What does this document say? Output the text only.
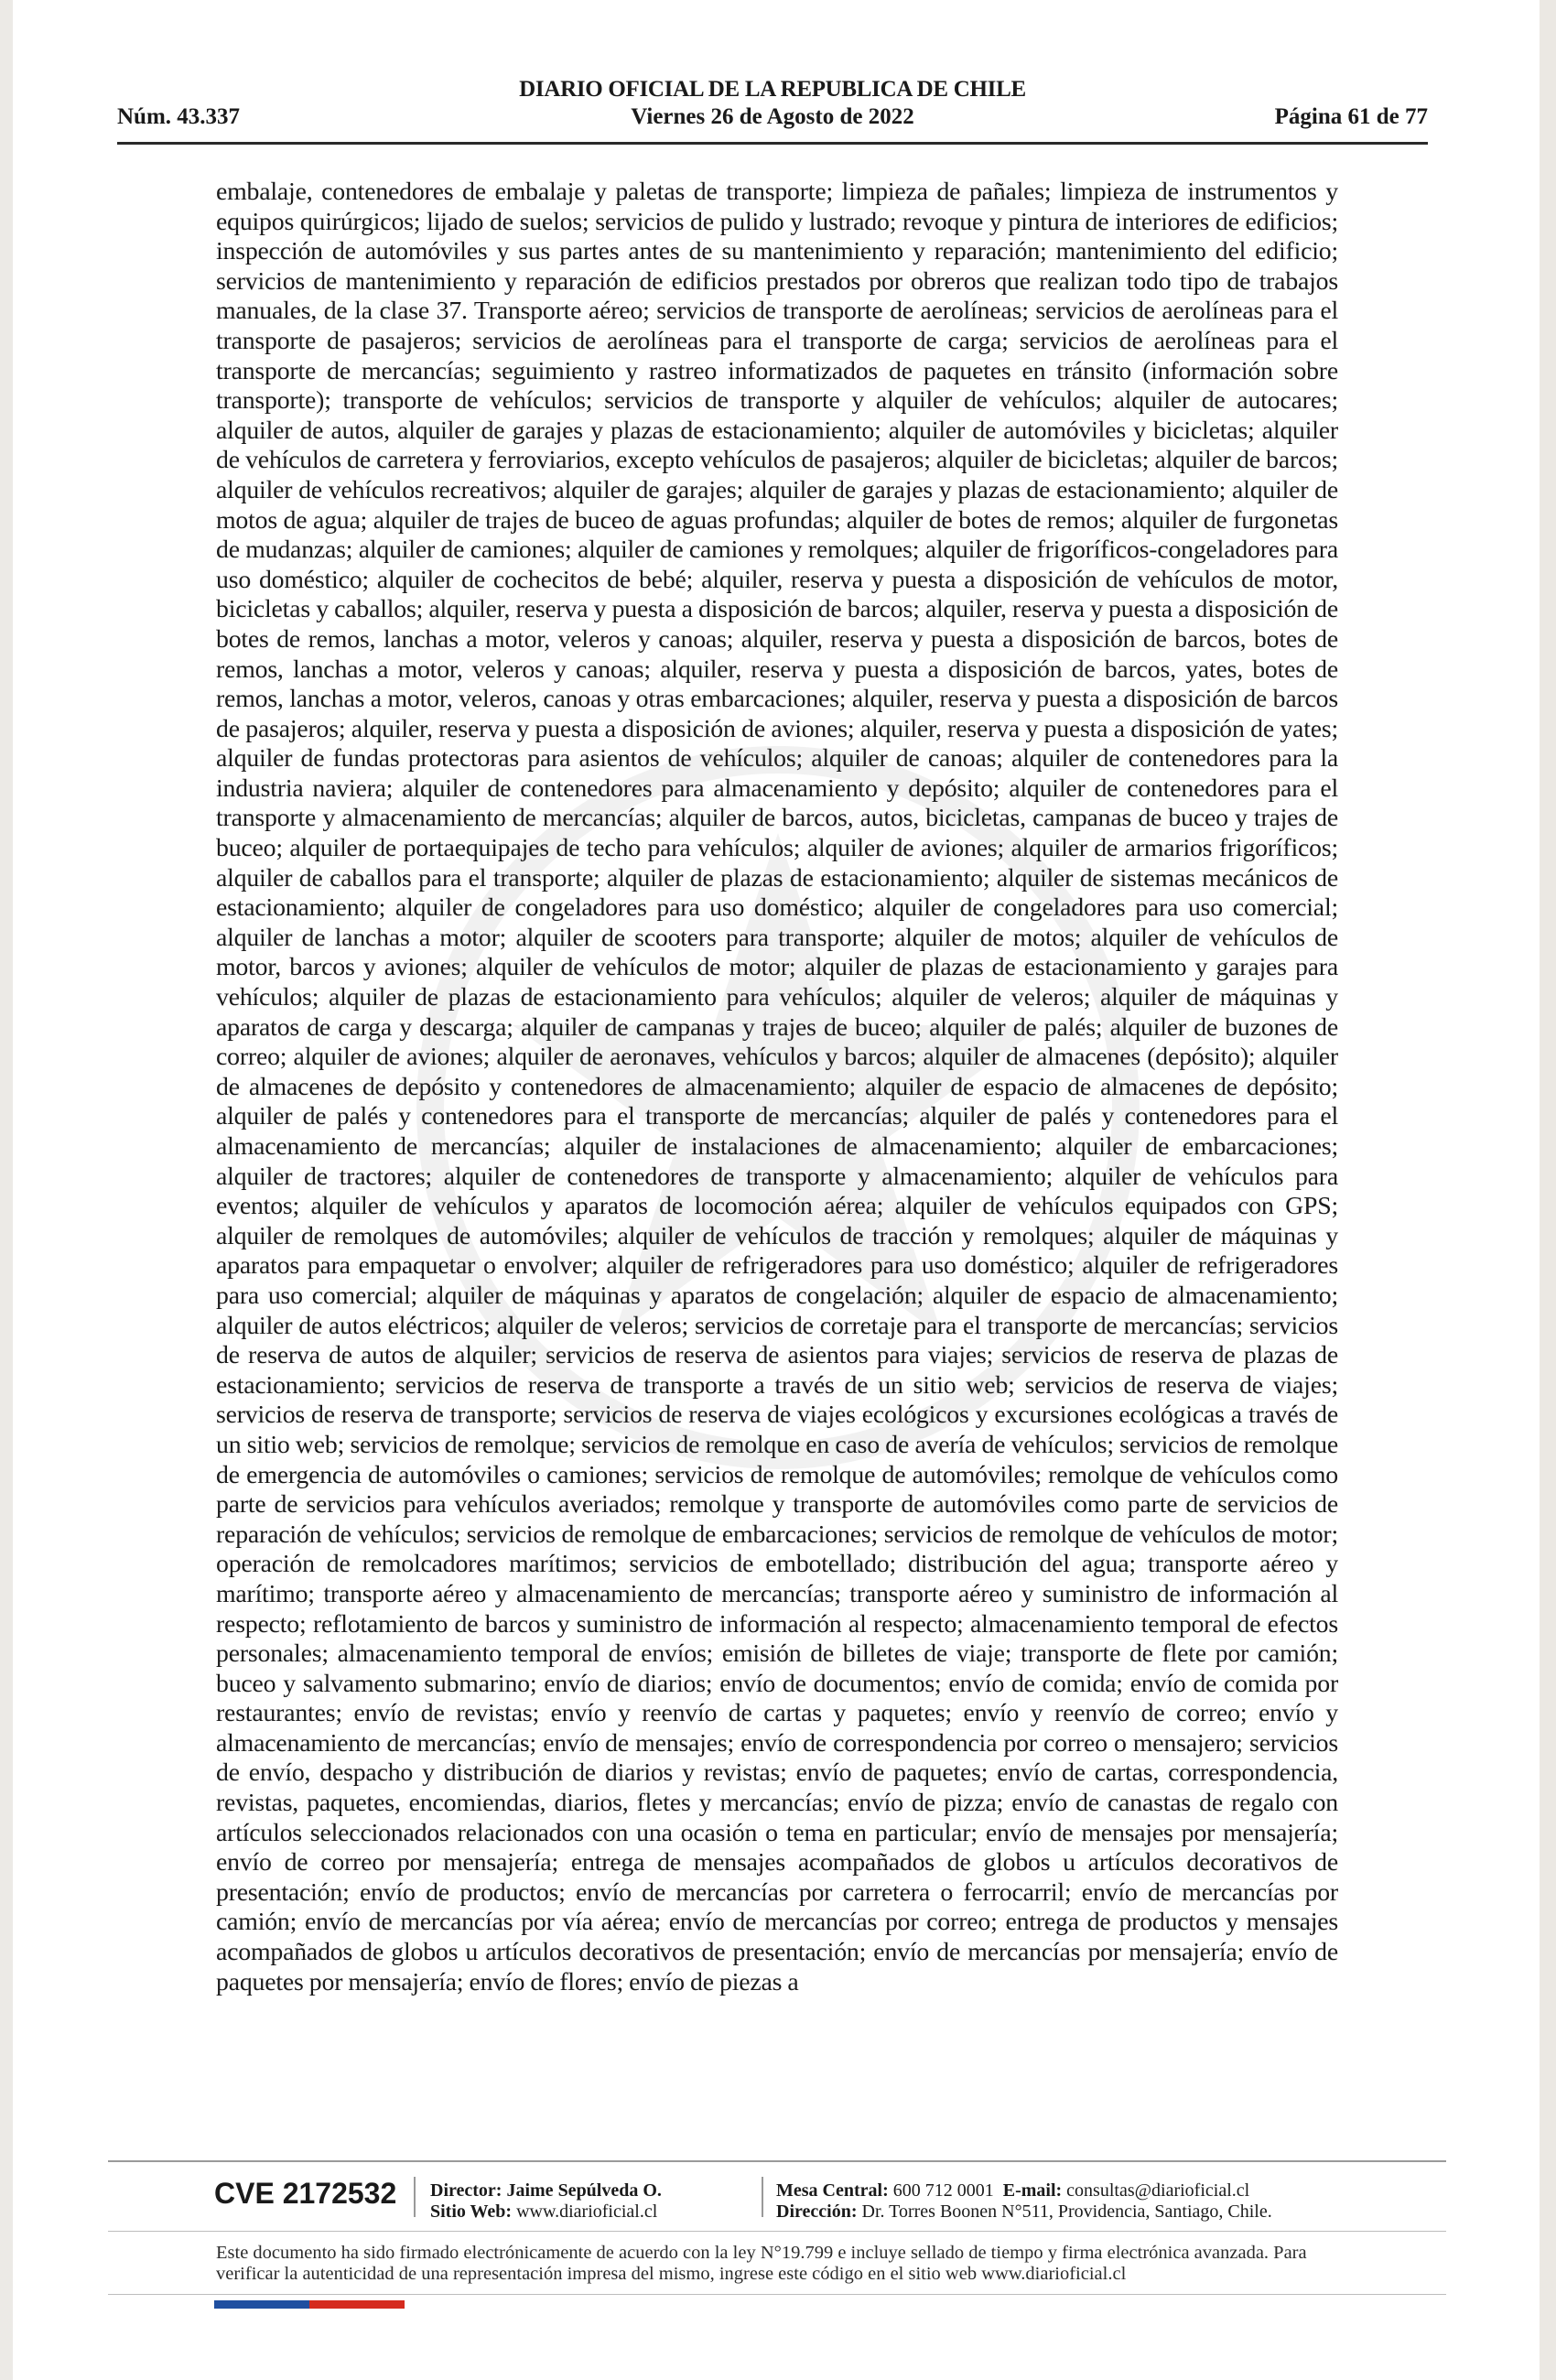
DIARIO OFICIAL DE LA REPUBLICA DE CHILE
Núm. 43.337	Viernes 26 de Agosto de 2022	Página 61 de 77
embalaje, contenedores de embalaje y paletas de transporte; limpieza de pañales; limpieza de instrumentos y equipos quirúrgicos; lijado de suelos; servicios de pulido y lustrado; revoque y pintura de interiores de edificios; inspección de automóviles y sus partes antes de su mantenimiento y reparación; mantenimiento del edificio; servicios de mantenimiento y reparación de edificios prestados por obreros que realizan todo tipo de trabajos manuales, de la clase 37. Transporte aéreo; servicios de transporte de aerolíneas; servicios de aerolíneas para el transporte de pasajeros; servicios de aerolíneas para el transporte de carga; servicios de aerolíneas para el transporte de mercancías; seguimiento y rastreo informatizados de paquetes en tránsito (información sobre transporte); transporte de vehículos; servicios de transporte y alquiler de vehículos; alquiler de autocares; alquiler de autos, alquiler de garajes y plazas de estacionamiento; alquiler de automóviles y bicicletas; alquiler de vehículos de carretera y ferroviarios, excepto vehículos de pasajeros; alquiler de bicicletas; alquiler de barcos; alquiler de vehículos recreativos; alquiler de garajes; alquiler de garajes y plazas de estacionamiento; alquiler de motos de agua; alquiler de trajes de buceo de aguas profundas; alquiler de botes de remos; alquiler de furgonetas de mudanzas; alquiler de camiones; alquiler de camiones y remolques; alquiler de frigoríficos-congeladores para uso doméstico; alquiler de cochecitos de bebé; alquiler, reserva y puesta a disposición de vehículos de motor, bicicletas y caballos; alquiler, reserva y puesta a disposición de barcos; alquiler, reserva y puesta a disposición de botes de remos, lanchas a motor, veleros y canoas; alquiler, reserva y puesta a disposición de barcos, botes de remos, lanchas a motor, veleros y canoas; alquiler, reserva y puesta a disposición de barcos, yates, botes de remos, lanchas a motor, veleros, canoas y otras embarcaciones; alquiler, reserva y puesta a disposición de barcos de pasajeros; alquiler, reserva y puesta a disposición de aviones; alquiler, reserva y puesta a disposición de yates; alquiler de fundas protectoras para asientos de vehículos; alquiler de canoas; alquiler de contenedores para la industria naviera; alquiler de contenedores para almacenamiento y depósito; alquiler de contenedores para el transporte y almacenamiento de mercancías; alquiler de barcos, autos, bicicletas, campanas de buceo y trajes de buceo; alquiler de portaequipajes de techo para vehículos; alquiler de aviones; alquiler de armarios frigoríficos; alquiler de caballos para el transporte; alquiler de plazas de estacionamiento; alquiler de sistemas mecánicos de estacionamiento; alquiler de congeladores para uso doméstico; alquiler de congeladores para uso comercial; alquiler de lanchas a motor; alquiler de scooters para transporte; alquiler de motos; alquiler de vehículos de motor, barcos y aviones; alquiler de vehículos de motor; alquiler de plazas de estacionamiento y garajes para vehículos; alquiler de plazas de estacionamiento para vehículos; alquiler de veleros; alquiler de máquinas y aparatos de carga y descarga; alquiler de campanas y trajes de buceo; alquiler de palés; alquiler de buzones de correo; alquiler de aviones; alquiler de aeronaves, vehículos y barcos; alquiler de almacenes (depósito); alquiler de almacenes de depósito y contenedores de almacenamiento; alquiler de espacio de almacenes de depósito; alquiler de palés y contenedores para el transporte de mercancías; alquiler de palés y contenedores para el almacenamiento de mercancías; alquiler de instalaciones de almacenamiento; alquiler de embarcaciones; alquiler de tractores; alquiler de contenedores de transporte y almacenamiento; alquiler de vehículos para eventos; alquiler de vehículos y aparatos de locomoción aérea; alquiler de vehículos equipados con GPS; alquiler de remolques de automóviles; alquiler de vehículos de tracción y remolques; alquiler de máquinas y aparatos para empaquetar o envolver; alquiler de refrigeradores para uso doméstico; alquiler de refrigeradores para uso comercial; alquiler de máquinas y aparatos de congelación; alquiler de espacio de almacenamiento; alquiler de autos eléctricos; alquiler de veleros; servicios de corretaje para el transporte de mercancías; servicios de reserva de autos de alquiler; servicios de reserva de asientos para viajes; servicios de reserva de plazas de estacionamiento; servicios de reserva de transporte a través de un sitio web; servicios de reserva de viajes; servicios de reserva de transporte; servicios de reserva de viajes ecológicos y excursiones ecológicas a través de un sitio web; servicios de remolque; servicios de remolque en caso de avería de vehículos; servicios de remolque de emergencia de automóviles o camiones; servicios de remolque de automóviles; remolque de vehículos como parte de servicios para vehículos averiados; remolque y transporte de automóviles como parte de servicios de reparación de vehículos; servicios de remolque de embarcaciones; servicios de remolque de vehículos de motor; operación de remolcadores marítimos; servicios de embotellado; distribución del agua; transporte aéreo y marítimo; transporte aéreo y almacenamiento de mercancías; transporte aéreo y suministro de información al respecto; reflotamiento de barcos y suministro de información al respecto; almacenamiento temporal de efectos personales; almacenamiento temporal de envíos; emisión de billetes de viaje; transporte de flete por camión; buceo y salvamento submarino; envío de diarios; envío de documentos; envío de comida; envío de comida por restaurantes; envío de revistas; envío y reenvío de cartas y paquetes; envío y reenvío de correo; envío y almacenamiento de mercancías; envío de mensajes; envío de correspondencia por correo o mensajero; servicios de envío, despacho y distribución de diarios y revistas; envío de paquetes; envío de cartas, correspondencia, revistas, paquetes, encomiendas, diarios, fletes y mercancías; envío de pizza; envío de canastas de regalo con artículos seleccionados relacionados con una ocasión o tema en particular; envío de mensajes por mensajería; envío de correo por mensajería; entrega de mensajes acompañados de globos u artículos decorativos de presentación; envío de productos; envío de mercancías por carretera o ferrocarril; envío de mercancías por camión; envío de mercancías por vía aérea; envío de mercancías por correo; entrega de productos y mensajes acompañados de globos u artículos decorativos de presentación; envío de mercancías por mensajería; envío de paquetes por mensajería; envío de flores; envío de piezas a
CVE 2172532 Director: Jaime Sepúlveda O.
Sitio Web: www.diarioficial.cl
Mesa Central: 600 712 0001 E-mail: consultas@diarioficial.cl
Dirección: Dr. Torres Boonen N°511, Providencia, Santiago, Chile.
Este documento ha sido firmado electrónicamente de acuerdo con la ley N°19.799 e incluye sellado de tiempo y firma electrónica avanzada. Para verificar la autenticidad de una representación impresa del mismo, ingrese este código en el sitio web www.diarioficial.cl
